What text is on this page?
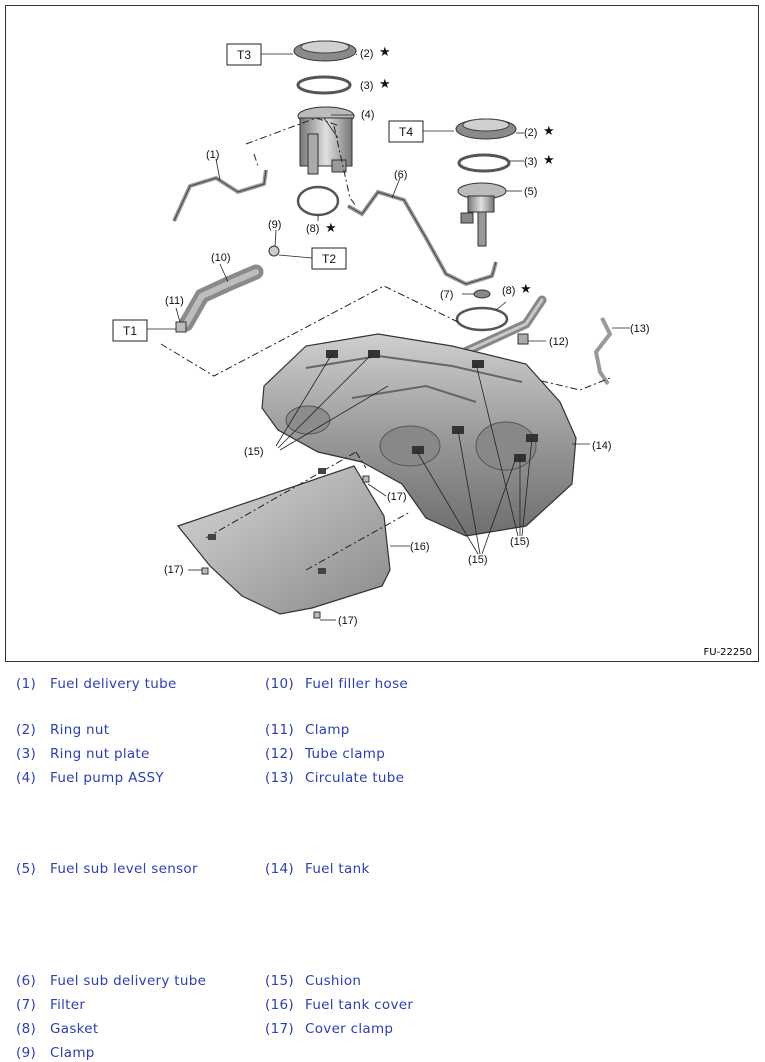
T3
T4
T2
T1
(2) ★
(3) ★
(4)
(8) ★
(1)
(6)
(2) ★
(3) ★
(5)
(9)
(10)
(11)	(7)	(8) ★
(12)
(13)
(14)
(15)
(15)
(15)
(16)
(17)
(17)
(17)
FU-22250
(1) Fuel delivery tube	(10) Fuel filler hose
(2) Ring nut	(11) Clamp
(3) Ring nut plate	(12) Tube clamp
(4) Fuel pump ASSY	(13) Circulate tube
(5) Fuel sub level sensor	(14) Fuel tank
(6) Fuel sub delivery tube	(15) Cushion
(7) Filter	(16) Fuel tank cover
(8) Gasket	(17) Cover clamp
(9) Clamp
